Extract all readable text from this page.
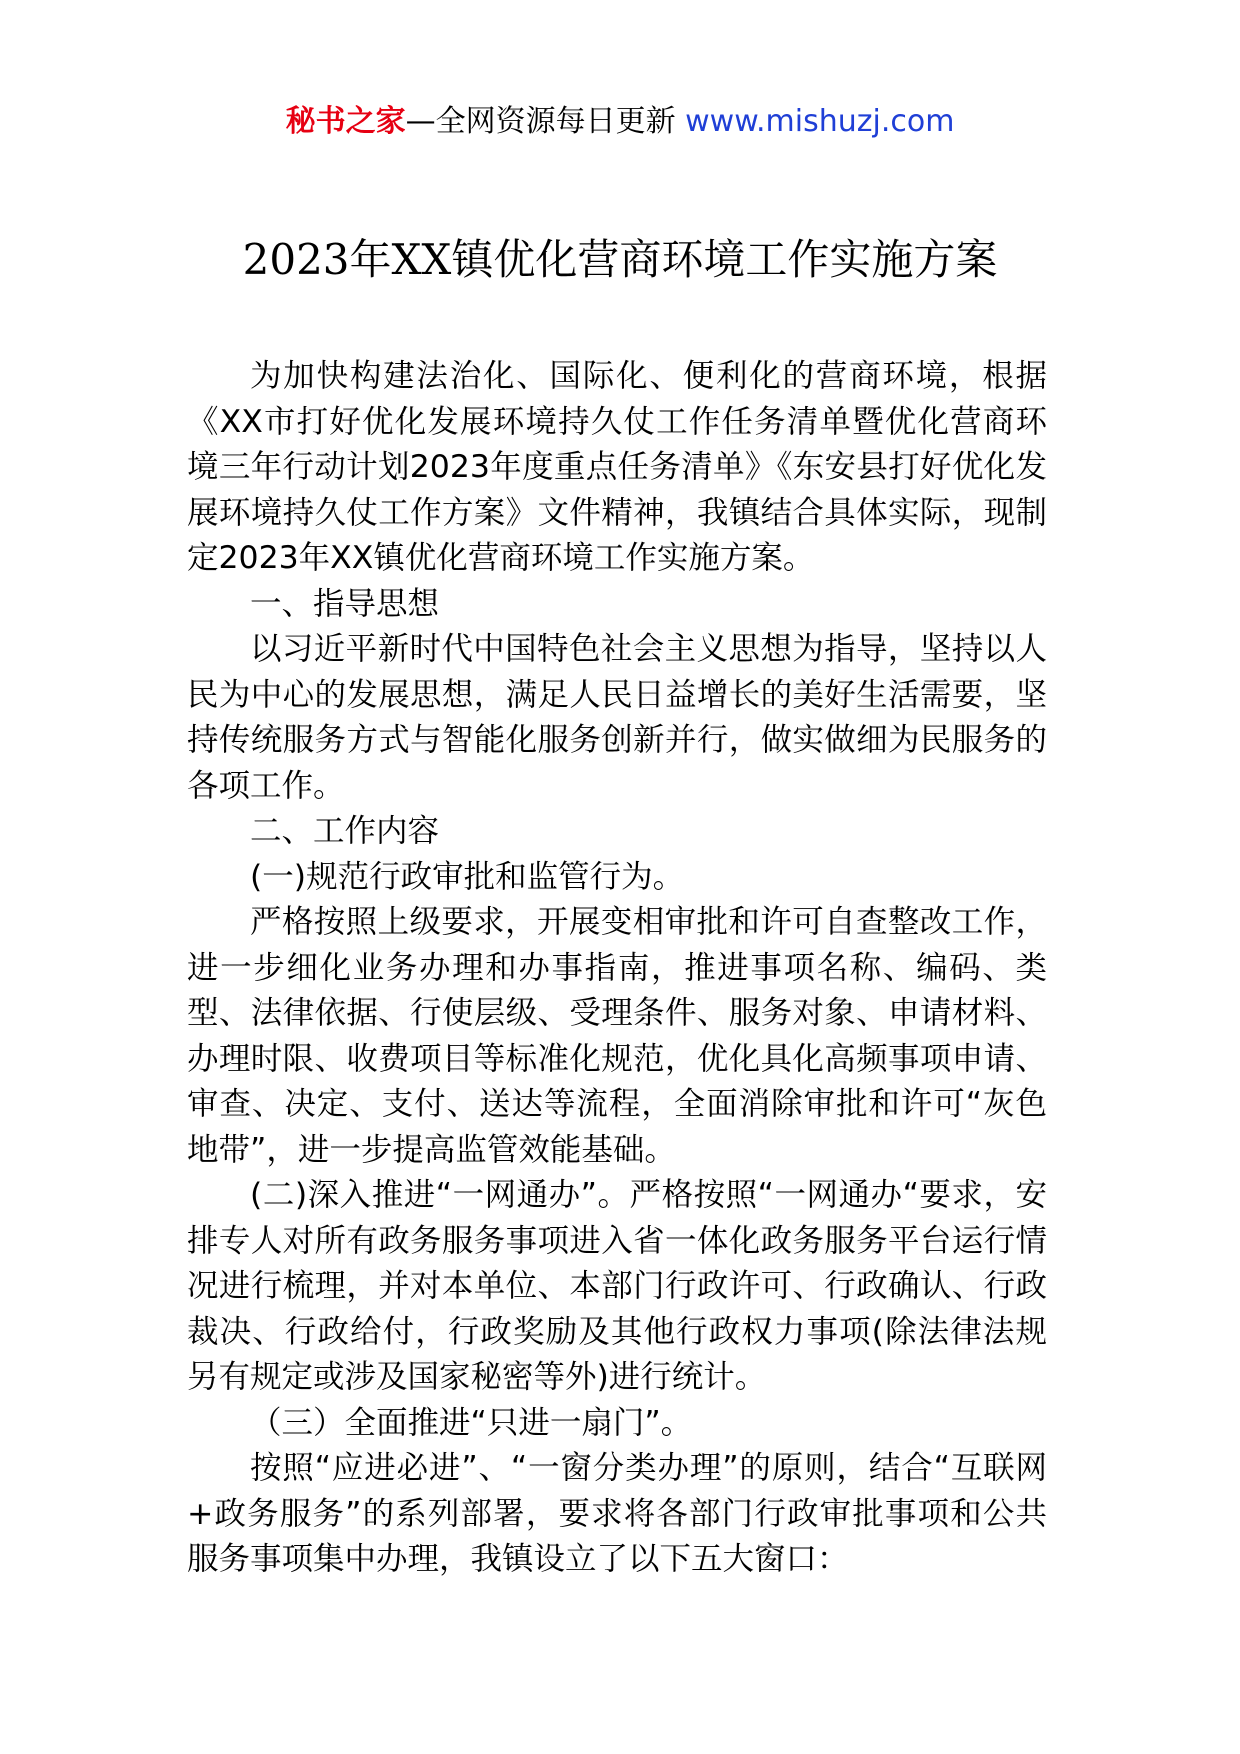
秘书之家—全网资源每日更新 www.mishuzj.com
2023年XX镇优化营商环境工作实施方案

为加快构建法治化、国际化、便利化的营商环境，根据《XX市打好优化发展环境持久仗工作任务清单暨优化营商环境三年行动计划2023年度重点任务清单》《东安县打好优化发展环境持久仗工作方案》文件精神，我镇结合具体实际，现制定2023年XX镇优化营商环境工作实施方案。

一、指导思想

以习近平新时代中国特色社会主义思想为指导，坚持以人民为中心的发展思想，满足人民日益增长的美好生活需要，坚持传统服务方式与智能化服务创新并行，做实做细为民服务的各项工作。

二、工作内容

(一)规范行政审批和监管行为。

严格按照上级要求，开展变相审批和许可自查整改工作，进一步细化业务办理和办事指南，推进事项名称、编码、类型、法律依据、行使层级、受理条件、服务对象、申请材料、办理时限、收费项目等标准化规范，优化具化高频事项申请、审查、决定、支付、送达等流程，全面消除审批和许可“灰色地带”，进一步提高监管效能基础。

(二)深入推进“一网通办”。严格按照“一网通办“要求，安排专人对所有政务服务事项进入省一体化政务服务平台运行情况进行梳理，并对本单位、本部门行政许可、行政确认、行政裁决、行政给付，行政奖励及其他行政权力事项(除法律法规另有规定或涉及国家秘密等外)进行统计。

（三）全面推进“只进一扇门”。

按照“应进必进”、“一窗分类办理”的原则，结合“互联网+政务服务”的系列部署，要求将各部门行政审批事项和公共服务事项集中办理，我镇设立了以下五大窗口：
